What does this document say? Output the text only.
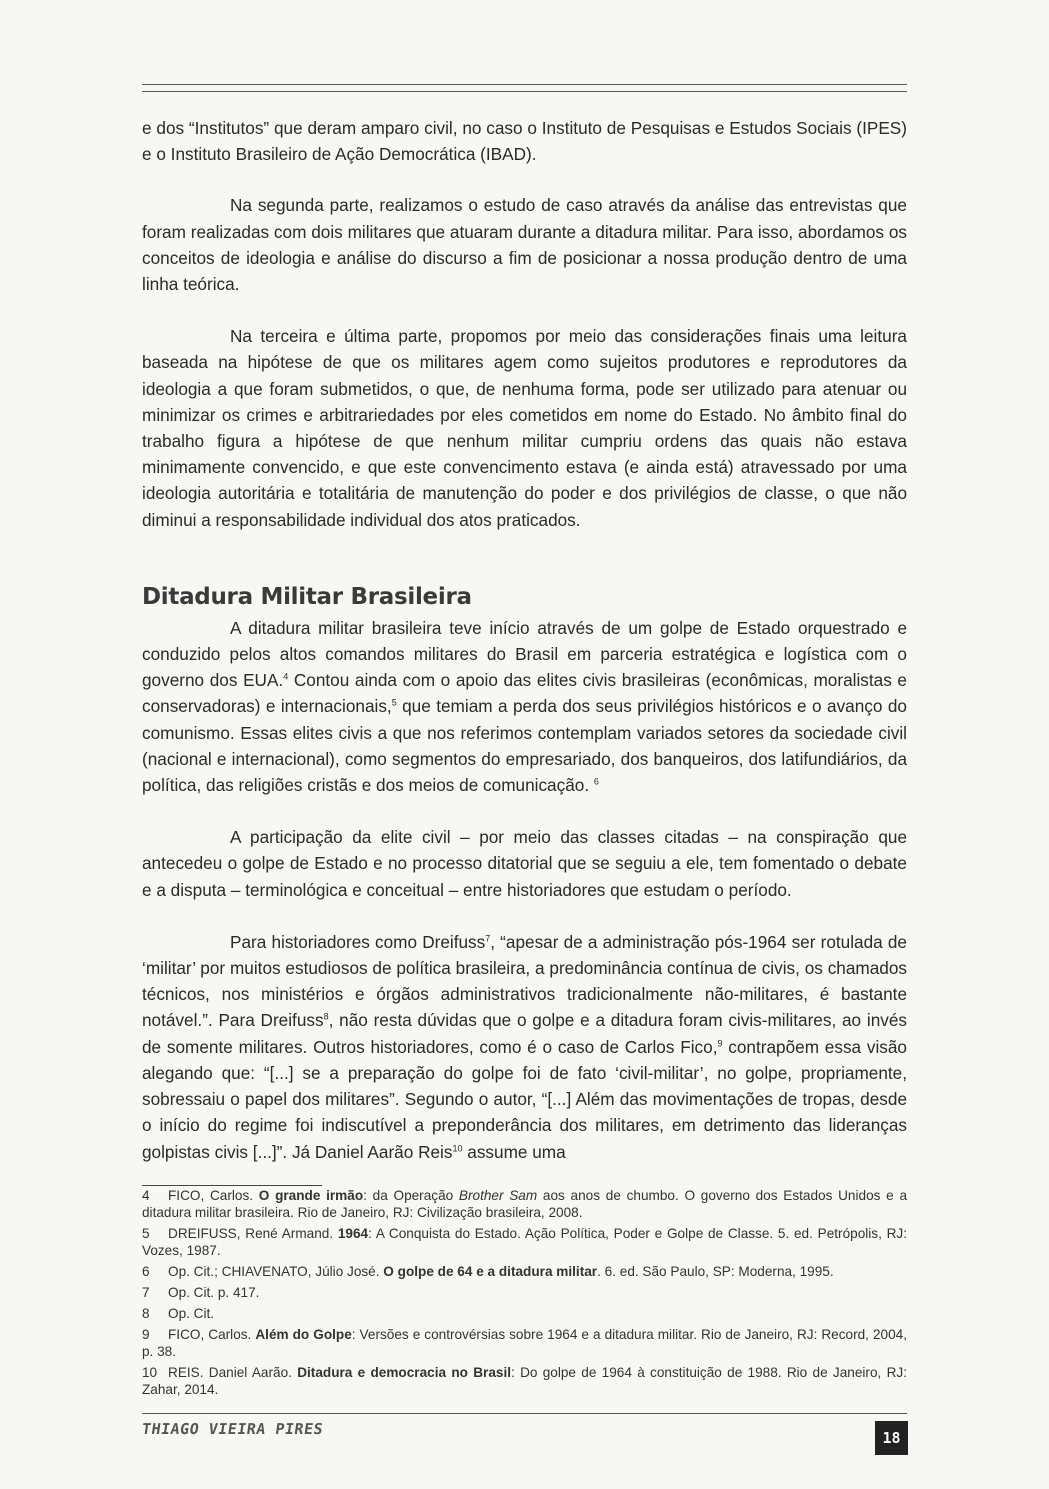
e dos “Institutos” que deram amparo civil, no caso o Instituto de Pesquisas e Estudos Sociais (IPES) e o Instituto Brasileiro de Ação Democrática (IBAD).

Na segunda parte, realizamos o estudo de caso através da análise das entrevistas que foram realizadas com dois militares que atuaram durante a ditadura militar. Para isso, abordamos os conceitos de ideologia e análise do discurso a fim de posicionar a nossa produção dentro de uma linha teórica.

Na terceira e última parte, propomos por meio das considerações finais uma leitura baseada na hipótese de que os militares agem como sujeitos produtores e reprodutores da ideologia a que foram submetidos, o que, de nenhuma forma, pode ser utilizado para atenuar ou minimizar os crimes e arbitrariedades por eles cometidos em nome do Estado. No âmbito final do trabalho figura a hipótese de que nenhum militar cumpriu ordens das quais não estava minimamente convencido, e que este convencimento estava (e ainda está) atravessado por uma ideologia autoritária e totalitária de manutenção do poder e dos privilégios de classe, o que não diminui a responsabilidade individual dos atos praticados.

Ditadura Militar Brasileira

A ditadura militar brasileira teve início através de um golpe de Estado orquestrado e conduzido pelos altos comandos militares do Brasil em parceria estratégica e logística com o governo dos EUA.$^4$ Contou ainda com o apoio das elites civis brasileiras (econômicas, moralistas e conservadoras) e internacionais,$^5$ que temiam a perda dos seus privilégios históricos e o avanço do comunismo. Essas elites civis a que nos referimos contemplam variados setores da sociedade civil (nacional e internacional), como segmentos do empresariado, dos banqueiros, dos latifundiários, da política, das religiões cristãs e dos meios de comunicação. $^6$

A participação da elite civil – por meio das classes citadas – na conspiração que antecedeu o golpe de Estado e no processo ditatorial que se seguiu a ele, tem fomentado o debate e a disputa – terminológica e conceitual – entre historiadores que estudam o período.

Para historiadores como Dreifuss$^7$, “apesar de a administração pós-1964 ser rotulada de ‘militar’ por muitos estudiosos de política brasileira, a predominância contínua de civis, os chamados técnicos, nos ministérios e órgãos administrativos tradicionalmente não-militares, é bastante notável.”. Para Dreifuss$^8$, não resta dúvidas que o golpe e a ditadura foram civis-militares, ao invés de somente militares. Outros historiadores, como é o caso de Carlos Fico,$^9$ contrapõem essa visão alegando que: “[...] se a preparação do golpe foi de fato ‘civil-militar’, no golpe, propriamente, sobressaiu o papel dos militares”. Segundo o autor, “[...] Além das movimentações de tropas, desde o início do regime foi indiscutível a preponderância dos militares, em detrimento das lideranças golpistas civis [...]”. Já Daniel Aarão Reis$^{10}$ assume uma

4 FICO, Carlos. O grande irmão: da Operação Brother Sam aos anos de chumbo. O governo dos Estados Unidos e a ditadura militar brasileira. Rio de Janeiro, RJ: Civilização brasileira, 2008.
5 DREIFUSS, René Armand. 1964: A Conquista do Estado. Ação Política, Poder e Golpe de Classe. 5. ed. Petrópolis, RJ: Vozes, 1987.
6 Op. Cit.; CHIAVENATO, Júlio José. O golpe de 64 e a ditadura militar. 6. ed. São Paulo, SP: Moderna, 1995.
7 Op. Cit. p. 417.
8 Op. Cit.
9 FICO, Carlos. Além do Golpe: Versões e controvérsias sobre 1964 e a ditadura militar. Rio de Janeiro, RJ: Record, 2004, p. 38.
10 REIS. Daniel Aarão. Ditadura e democracia no Brasil: Do golpe de 1964 à constituição de 1988. Rio de Janeiro, RJ: Zahar, 2014.
THIAGO VIEIRA PIRES	18
